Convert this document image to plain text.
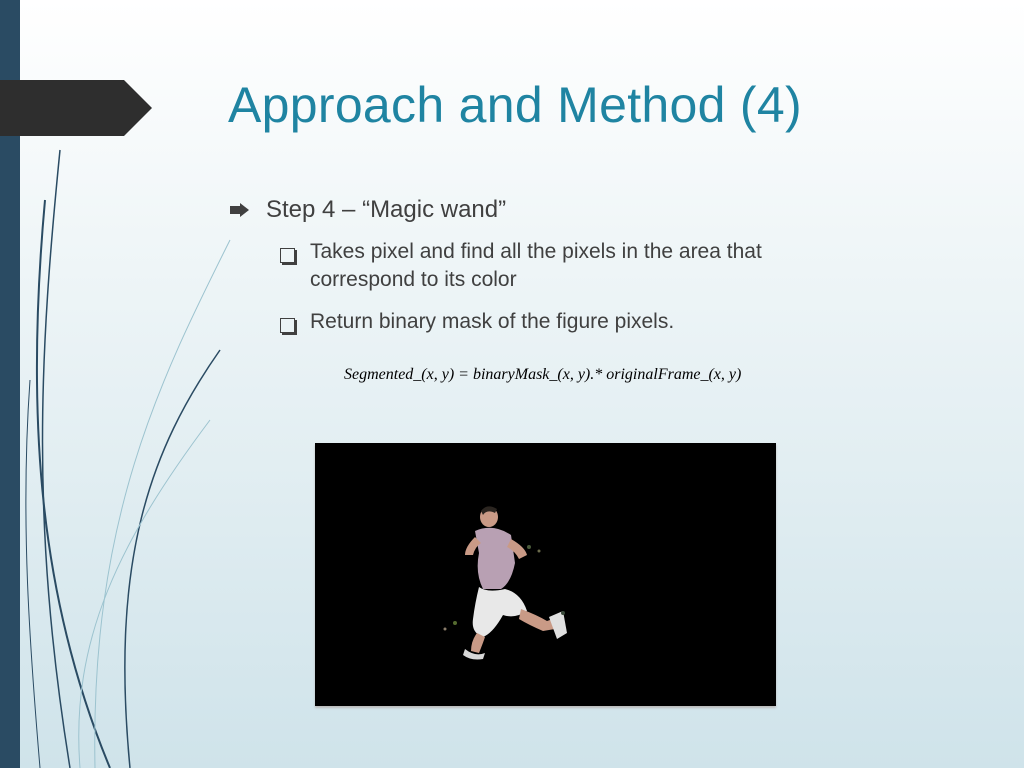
Approach and Method (4)
Step 4 – “Magic wand”
Takes pixel and find all the pixels in the area that correspond to its color
Return binary mask of the figure pixels.
Segmented_(x, y) = binaryMask_(x, y).* originalFrame_(x, y)
